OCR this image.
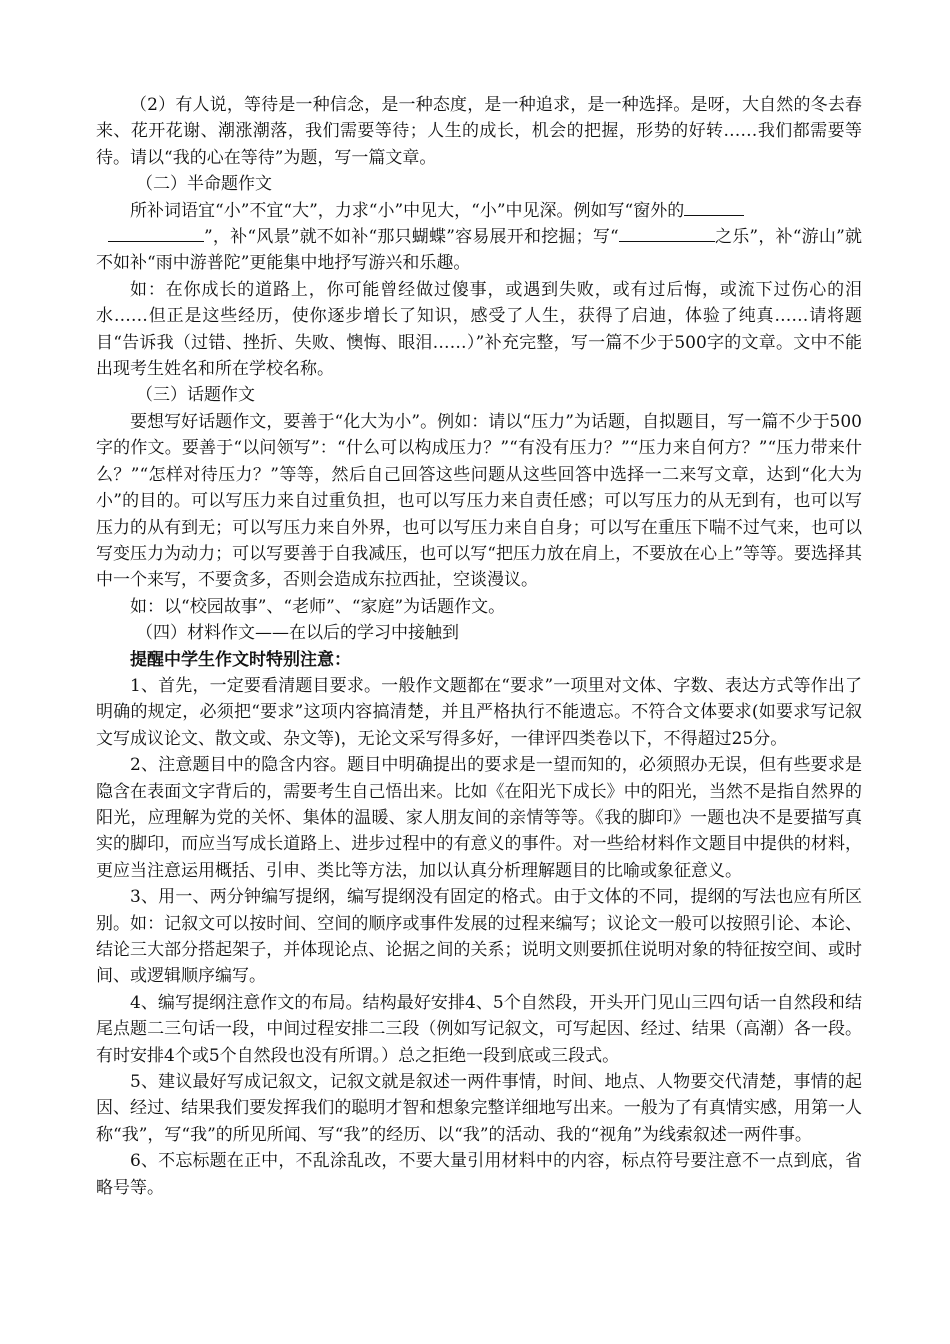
（2）有人说，等待是一种信念，是一种态度，是一种追求，是一种选择。是呀，大自然的冬去春来、花开花谢、潮涨潮落，我们需要等待；人生的成长，机会的把握，形势的好转……我们都需要等待。请以“我的心在等待”为题，写一篇文章。

（二）半命题作文

所补词语宜“小”不宜“大”，力求“小”中见大，“小”中见深。例如写“窗外的
”，补“风景”就不如补“那只蝴蝶”容易展开和挖掘；写“	之乐”，补“游山”就不如补“雨中游普陀”更能集中地抒写游兴和乐趣。

如：在你成长的道路上，你可能曾经做过傻事，或遇到失败，或有过后悔，或流下过伤心的泪水……但正是这些经历，使你逐步增长了知识，感受了人生，获得了启迪，体验了纯真……请将题目“告诉我（过错、挫折、失败、懊悔、眼泪……）”补充完整，写一篇不少于500字的文章。文中不能出现考生姓名和所在学校名称。

（三）话题作文

要想写好话题作文，要善于“化大为小”。例如：请以“压力”为话题，自拟题目，写一篇不少于500字的作文。要善于“以问领写”：“什么可以构成压力？”“有没有压力？”“压力来自何方？”“压力带来什么？”“怎样对待压力？”等等，然后自己回答这些问题从这些回答中选择一二来写文章，达到“化大为小”的目的。可以写压力来自过重负担，也可以写压力来自责任感；可以写压力的从无到有，也可以写压力的从有到无；可以写压力来自外界，也可以写压力来自自身；可以写在重压下喘不过气来，也可以写变压力为动力；可以写要善于自我减压，也可以写“把压力放在肩上，不要放在心上”等等。要选择其中一个来写，不要贪多，否则会造成东拉西扯，空谈漫议。

如：以“校园故事”、“老师”、“家庭”为话题作文。

（四）材料作文——在以后的学习中接触到

提醒中学生作文时特别注意：

1、首先，一定要看清题目要求。一般作文题都在“要求”一项里对文体、字数、表达方式等作出了明确的规定，必须把“要求”这项内容搞清楚，并且严格执行不能遗忘。不符合文体要求(如要求写记叙文写成议论文、散文或、杂文等)，无论文采写得多好，一律评四类卷以下，不得超过25分。

2、注意题目中的隐含内容。题目中明确提出的要求是一望而知的，必须照办无误，但有些要求是隐含在表面文字背后的，需要考生自己悟出来。比如《在阳光下成长》中的阳光，当然不是指自然界的阳光，应理解为党的关怀、集体的温暖、家人朋友间的亲情等等。《我的脚印》一题也决不是要描写真实的脚印，而应当写成长道路上、进步过程中的有意义的事件。对一些给材料作文题目中提供的材料，更应当注意运用概括、引申、类比等方法，加以认真分析理解题目的比喻或象征意义。

3、用一、两分钟编写提纲，编写提纲没有固定的格式。由于文体的不同，提纲的写法也应有所区别。如：记叙文可以按时间、空间的顺序或事件发展的过程来编写；议论文一般可以按照引论、本论、结论三大部分搭起架子，并体现论点、论据之间的关系；说明文则要抓住说明对象的特征按空间、或时间、或逻辑顺序编写。

4、编写提纲注意作文的布局。结构最好安排4、5个自然段，开头开门见山三四句话一自然段和结尾点题二三句话一段，中间过程安排二三段（例如写记叙文，可写起因、经过、结果（高潮）各一段。有时安排4个或5个自然段也没有所谓。）总之拒绝一段到底或三段式。

5、建议最好写成记叙文，记叙文就是叙述一两件事情，时间、地点、人物要交代清楚，事情的起因、经过、结果我们要发挥我们的聪明才智和想象完整详细地写出来。一般为了有真情实感，用第一人称“我”，写“我”的所见所闻、写“我”的经历、以“我”的活动、我的“视角”为线索叙述一两件事。

6、不忘标题在正中，不乱涂乱改，不要大量引用材料中的内容，标点符号要注意不一点到底，省略号等。
